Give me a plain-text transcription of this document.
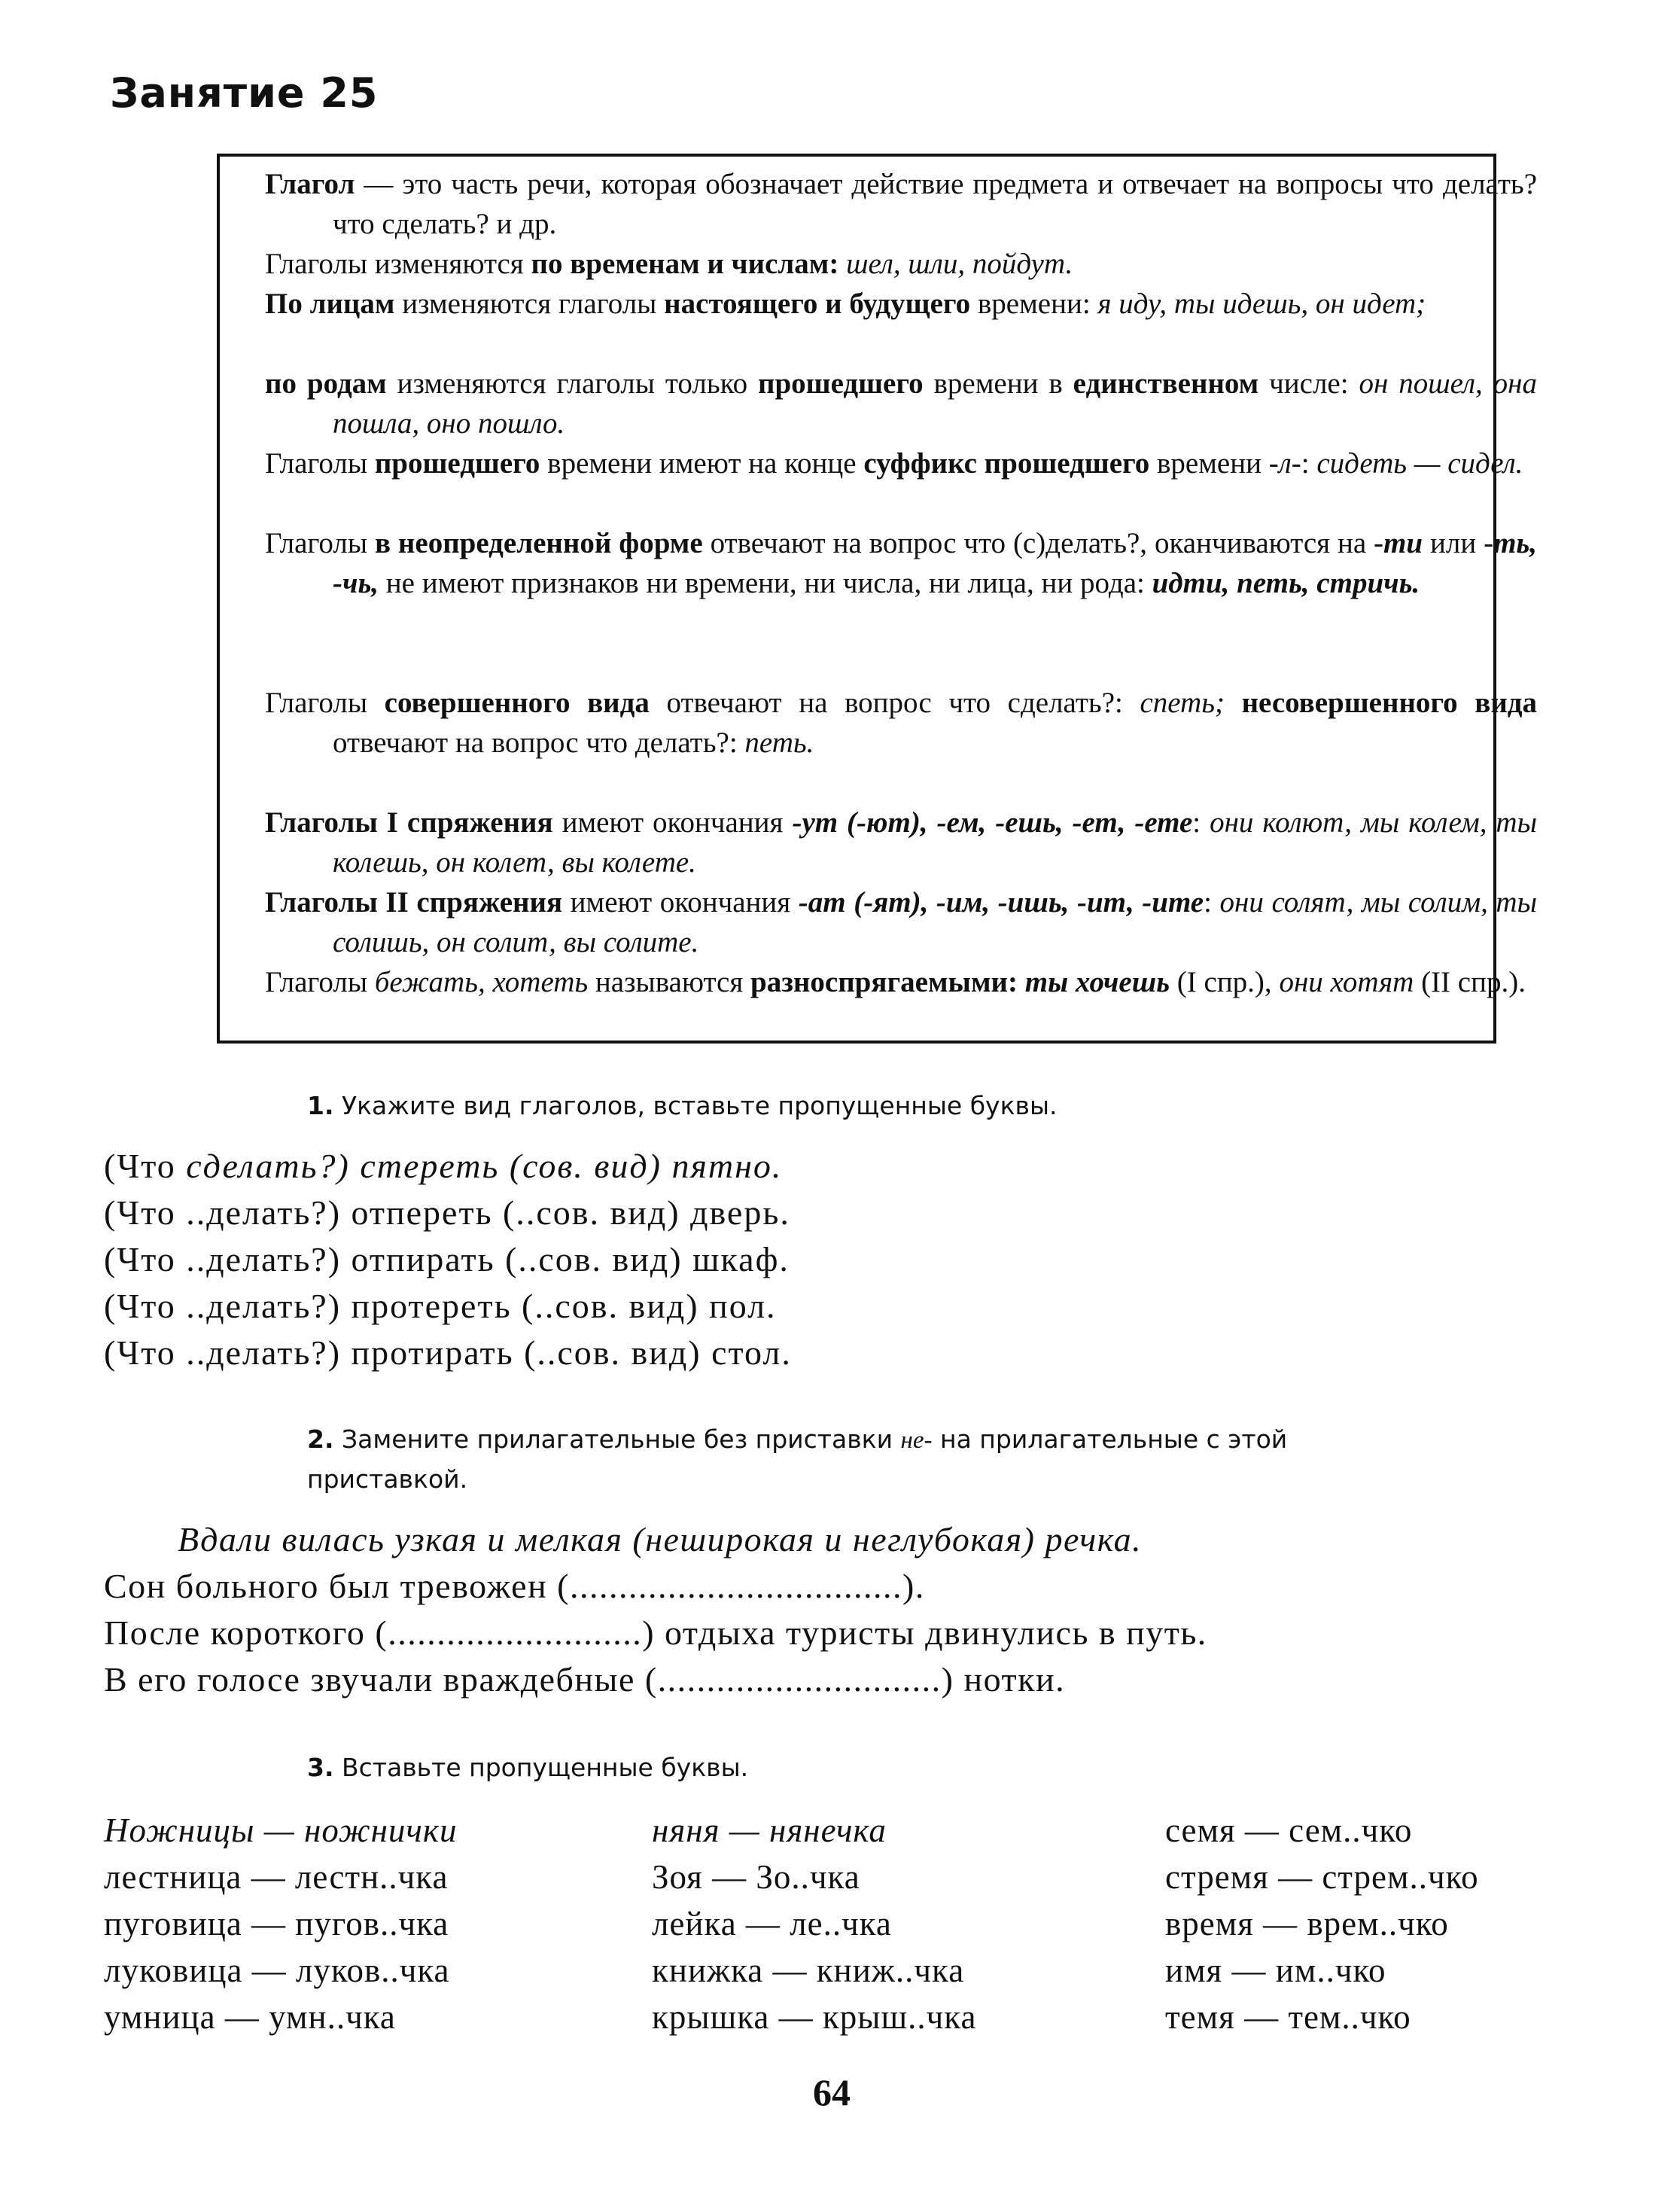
Занятие 25
Глагол — это часть речи, которая обозначает действие предмета и отвечает на вопросы что делать? что сделать? и др.
Глаголы изменяются по временам и числам: шел, шли, пойдут.
По лицам изменяются глаголы настоящего и будущего времени: я иду, ты идешь, он идет;
по родам изменяются глаголы только прошедшего времени в единственном числе: он пошел, она пошла, оно пошло.
Глаголы прошедшего времени имеют на конце суффикс прошедшего времени -л-: сидеть — сидел.
Глаголы в неопределенной форме отвечают на вопрос что (с)делать?, оканчиваются на -ти или -ть, -чь, не имеют признаков ни времени, ни числа, ни лица, ни рода: идти, петь, стричь.
Глаголы совершенного вида отвечают на вопрос что сделать?: спеть; несовершенного вида отвечают на вопрос что делать?: петь.
Глаголы I спряжения имеют окончания -ут (-ют), -ем, -ешь, -ет, -ете: они колют, мы колем, ты колешь, он колет, вы колете.
Глаголы II спряжения имеют окончания -ат (-ят), -им, -ишь, -ит, -ите: они солят, мы солим, ты солишь, он солит, вы солите.
Глаголы бежать, хотеть называются разноспрягаемыми: ты хочешь (I спр.), они хотят (II спр.).
1. Укажите вид глаголов, вставьте пропущенные буквы.
(Что сделать?) стереть (сов. вид) пятно.
(Что ..делать?) отпереть (..сов. вид) дверь.
(Что ..делать?) отпирать (..сов. вид) шкаф.
(Что ..делать?) протереть (..сов. вид) пол.
(Что ..делать?) протирать (..сов. вид) стол.
2. Замените прилагательные без приставки не- на прилагательные с этой
приставкой.
Вдали вилась узкая и мелкая (неширокая и неглубокая) речка.
Сон больного был тревожен (..................................).
После короткого (..........................) отдыха туристы двинулись в путь.
В его голосе звучали враждебные (.............................) нотки.
3. Вставьте пропущенные буквы.
Ножницы — ножнички
лестница — лестн..чка
пуговица — пугов..чка
луковица — луков..чка
умница — умн..чка
няня — нянечка
Зоя — Зо..чка
лейка — ле..чка
книжка — книж..чка
крышка — крыш..чка
семя — сем..чко
стремя — стрем..чко
время — врем..чко
имя — им..чко
темя — тем..чко
64
